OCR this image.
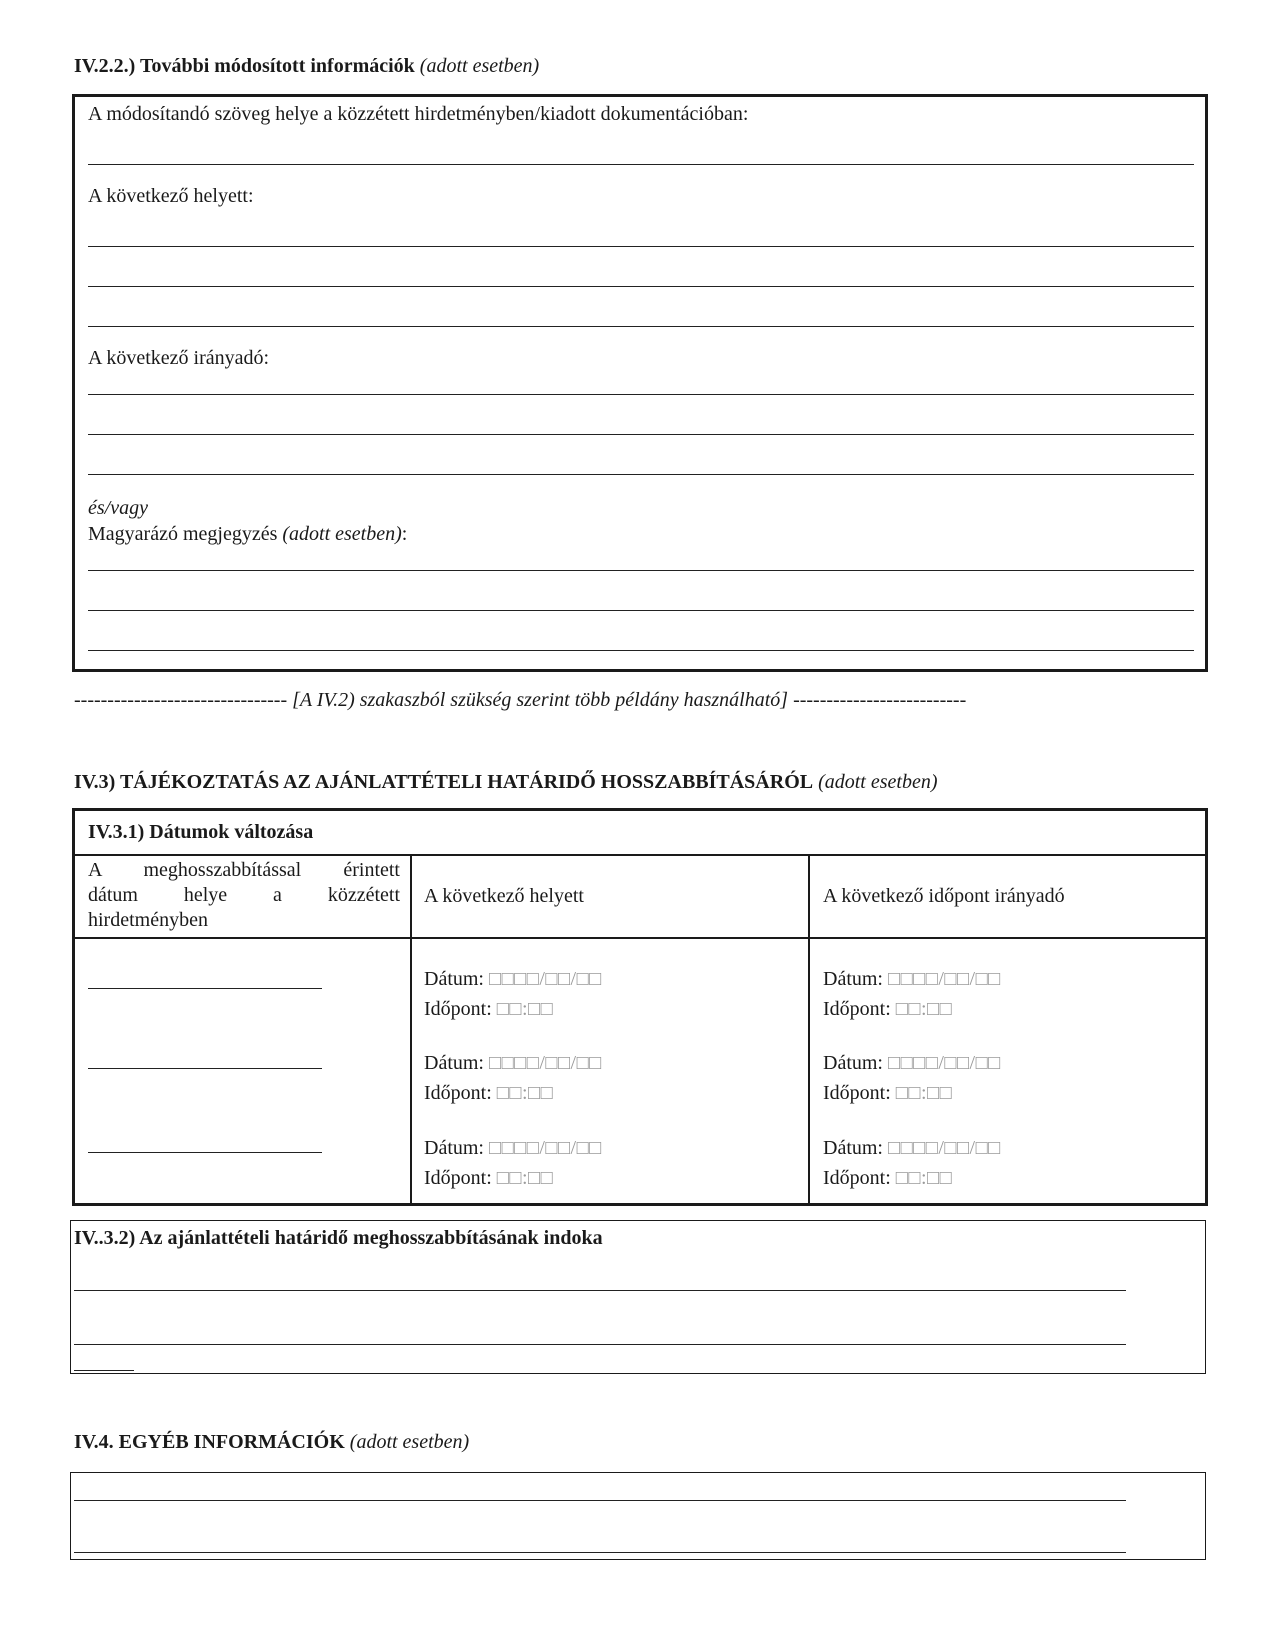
IV.2.2.) További módosított információk (adott esetben)
A módosítandó szöveg helye a közzétett hirdetményben/kiadott dokumentációban:
A következő helyett:
A következő irányadó:
és/vagy
Magyarázó megjegyzés (adott esetben):
-------------------------------- [A IV.2) szakaszból szükség szerint több példány használható] --------------------------
IV.3) TÁJÉKOZTATÁS AZ AJÁNLATTÉTELI HATÁRIDŐ HOSSZABBÍTÁSÁRÓL (adott esetben)
IV.3.1) Dátumok változása
A meghosszabbítással érintett
dátum helye a közzétett
hirdetményben
A következő helyett	A következő időpont irányadó
Dátum: □□□□/□□/□□
Időpont: □□:□□
Dátum: □□□□/□□/□□
Időpont: □□:□□
Dátum: □□□□/□□/□□
Időpont: □□:□□
Dátum: □□□□/□□/□□
Időpont: □□:□□
Dátum: □□□□/□□/□□
Időpont: □□:□□
Dátum: □□□□/□□/□□
Időpont: □□:□□
IV..3.2) Az ajánlattételi határidő meghosszabbításának indoka
IV.4. EGYÉB INFORMÁCIÓK (adott esetben)
